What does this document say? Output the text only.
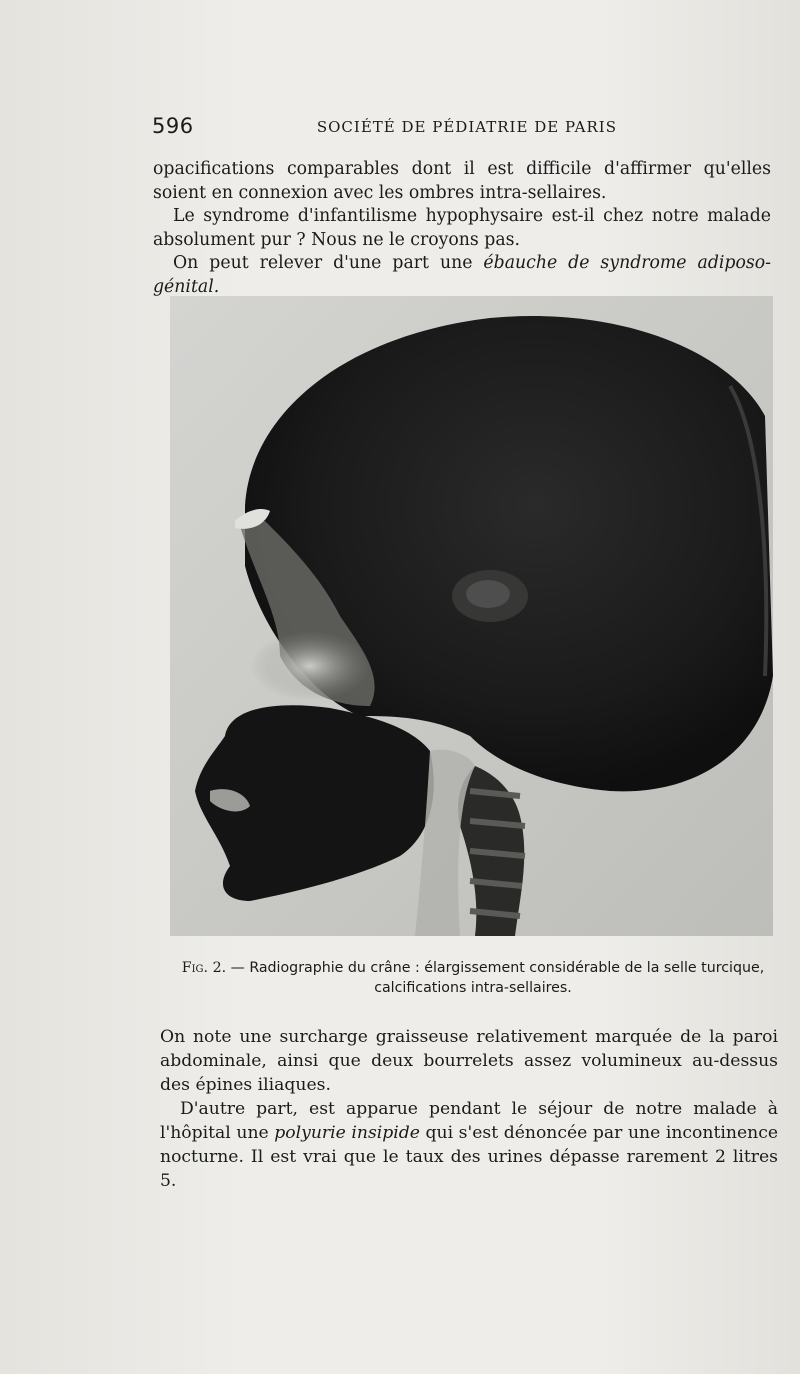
596	SOCIÉTÉ DE PÉDIATRIE DE PARIS

opacifications comparables dont il est difficile d'affirmer qu'elles soient en connexion avec les ombres intra-sellaires.

Le syndrome d'infantilisme hypophysaire est-il chez notre malade absolument pur ? Nous ne le croyons pas.

On peut relever d'une part une ébauche de syndrome adiposo-génital.

Fig. 2. — Radiographie du crâne : élargissement considérable de la selle turcique, calcifications intra-sellaires.

On note une surcharge graisseuse relativement marquée de la paroi abdominale, ainsi que deux bourrelets assez volumineux au-dessus des épines iliaques.

D'autre part, est apparue pendant le séjour de notre malade à l'hôpital une polyurie insipide qui s'est dénoncée par une incontinence nocturne. Il est vrai que le taux des urines dépasse rarement 2 litres 5.
